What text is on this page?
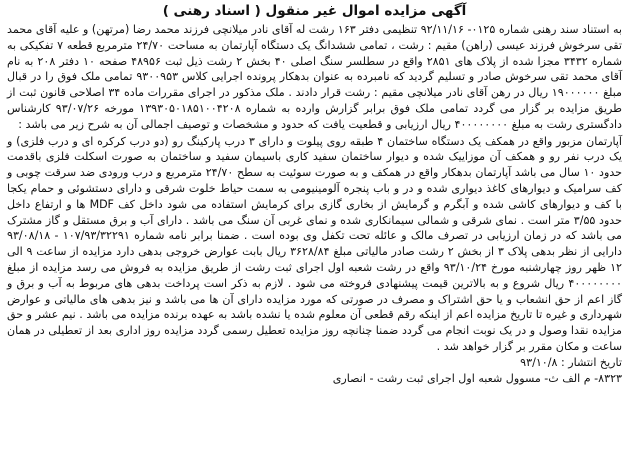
آگهی مزایده اموال غیر منقول ( اسناد رهنی )

به استناد سند رهنی شماره ۰۱۲۵- ۹۲/۱۱/۱۶ تنظیمی دفتر ۱۶۳ رشت له آقای نادر میلانچی فرزند محمد رضا (مرتهن) و علیه آقای محمد تقی سرخوش فرزند عیسی (راهن) مقیم : رشت ، تمامی ششدانگ یک دستگاه آپارتمان به مساحت ۲۴/۷۰ مترمربع قطعه ۷ تفکیکی به شماره ۳۴۳۲ مجزا شده از پلاک های ۲۸۵۱ واقع در سطلسر سنگ اصلی ۴۰ بخش ۲ رشت ذیل ثبت ۴۸۹۵۶ صفحه ۱۰ دفتر ۲۰۸ به نام آقای محمد تقی سرخوش صادر و تسلیم گردید که نامبرده به عنوان بدهکار پرونده اجرایی کلاس ۹۳۰۰۹۵۳ تمامی ملک فوق را در قبال مبلغ ۱۹۰۰۰۰۰۰ ریال در رهن آقای نادر میلانچی مقیم : رشت قرار دادند . ملک مذکور در اجرای مقررات ماده ۳۴ اصلاحی قانون ثبت از طریق مزایده بر گزار می گردد تمامی ملک فوق برابر گزارش وارده به شماره ۱۳۹۳۰۵۰۱۸۵۱۰۰۴۲۰۸ مورخه ۹۳/۰۷/۲۶ کارشناس دادگستری رشت به مبلغ ۴۰۰۰۰۰۰۰۰ ریال ارزیابی و قطعیت یافت که حدود و مشخصات و توصیف اجمالی آن به شرح زیر می باشد :

آپارتمان مزبور واقع در همکف یک دستگاه ساختمان ۴ طبقه روی پیلوت و دارای ۳ درب پارکینگ رو (دو درب کرکره ای و درب فلزی) و یک درب نفر رو و همکف آن موزاییک شده و دیوار ساختمان سفید کاری باسیمان سفید و ساختمان به صورت اسکلت فلزی باقدمت حدود ۱۰ سال می باشد آپارتمان بدهکار واقع در همکف و به صورت سوئیت به سطح ۲۴/۷۰ مترمربع و درب ورودی ضد سرقت چوبی و کف سرامیک و دیوارهای کاغذ دیواری شده و در و باب پنجره آلومینیومی به سمت حیاط خلوت شرقی و دارای دستشوئی و حمام یکجا با کف و دیوارهای کاشی شده و آبگرم و گرمایش از بخاری گازی برای کرمایش استفاده می شود داخل کف MDF ها و ارتفاع داخل حدود ۳/۵۵ متر است . نمای شرقی و شمالی سیمانکاری شده و نمای غربی آن سنگ می باشد . دارای آب و برق مستقل و گاز مشترک می باشد که در زمان ارزیابی در تصرف مالک و عائله تحت تکفل وی بوده است . ضمنا برابر نامه شماره ۱۰۷/۹۳/۳۲۲۹۱ - ۹۳/۰۸/۱۸ دارایی از نظر بدهی پلاک ۳ از بخش ۲ رشت صادر مالیاتی مبلغ ۳۶۲۸/۸۴ ریال بابت عوارض خروجی بدهی دارد مزایده از ساعت ۹ الی ۱۲ ظهر روز چهارشنبه مورخ ۹۳/۱۰/۲۴ واقع در رشت شعبه اول اجرای ثبت رشت از طریق مزایده به فروش می رسد مزایده از مبلغ ۴۰۰۰۰۰۰۰۰ ریال شروع و به بالاترین قیمت پیشنهادی فروخته می شود . لازم به ذکر است پرداخت بدهی های مربوط به آب و برق و گاز اعم از حق انشعاب و یا حق اشتراک و مصرف در صورتی که مورد مزایده دارای آن ها می باشد و نیز بدهی های مالیاتی و عوارض شهرداری و غیره تا تاریخ مزایده اعم از اینکه رقم قطعی آن معلوم شده یا نشده باشد به عهده برنده مزایده می باشد . نیم عشر و حق مزایده نقدا وصول و در یک نوبت انجام می گردد ضمنا چنانچه روز مزایده تعطیل رسمی گردد مزایده روز اداری بعد از تعطیلی در همان ساعت و مکان مقرر بر گزار خواهد شد .

تاریخ انتشار : ۹۳/۱۰/۸
۸۳۲۳- م الف ث- مسوول شعبه اول اجرای ثبت رشت - انصاری
